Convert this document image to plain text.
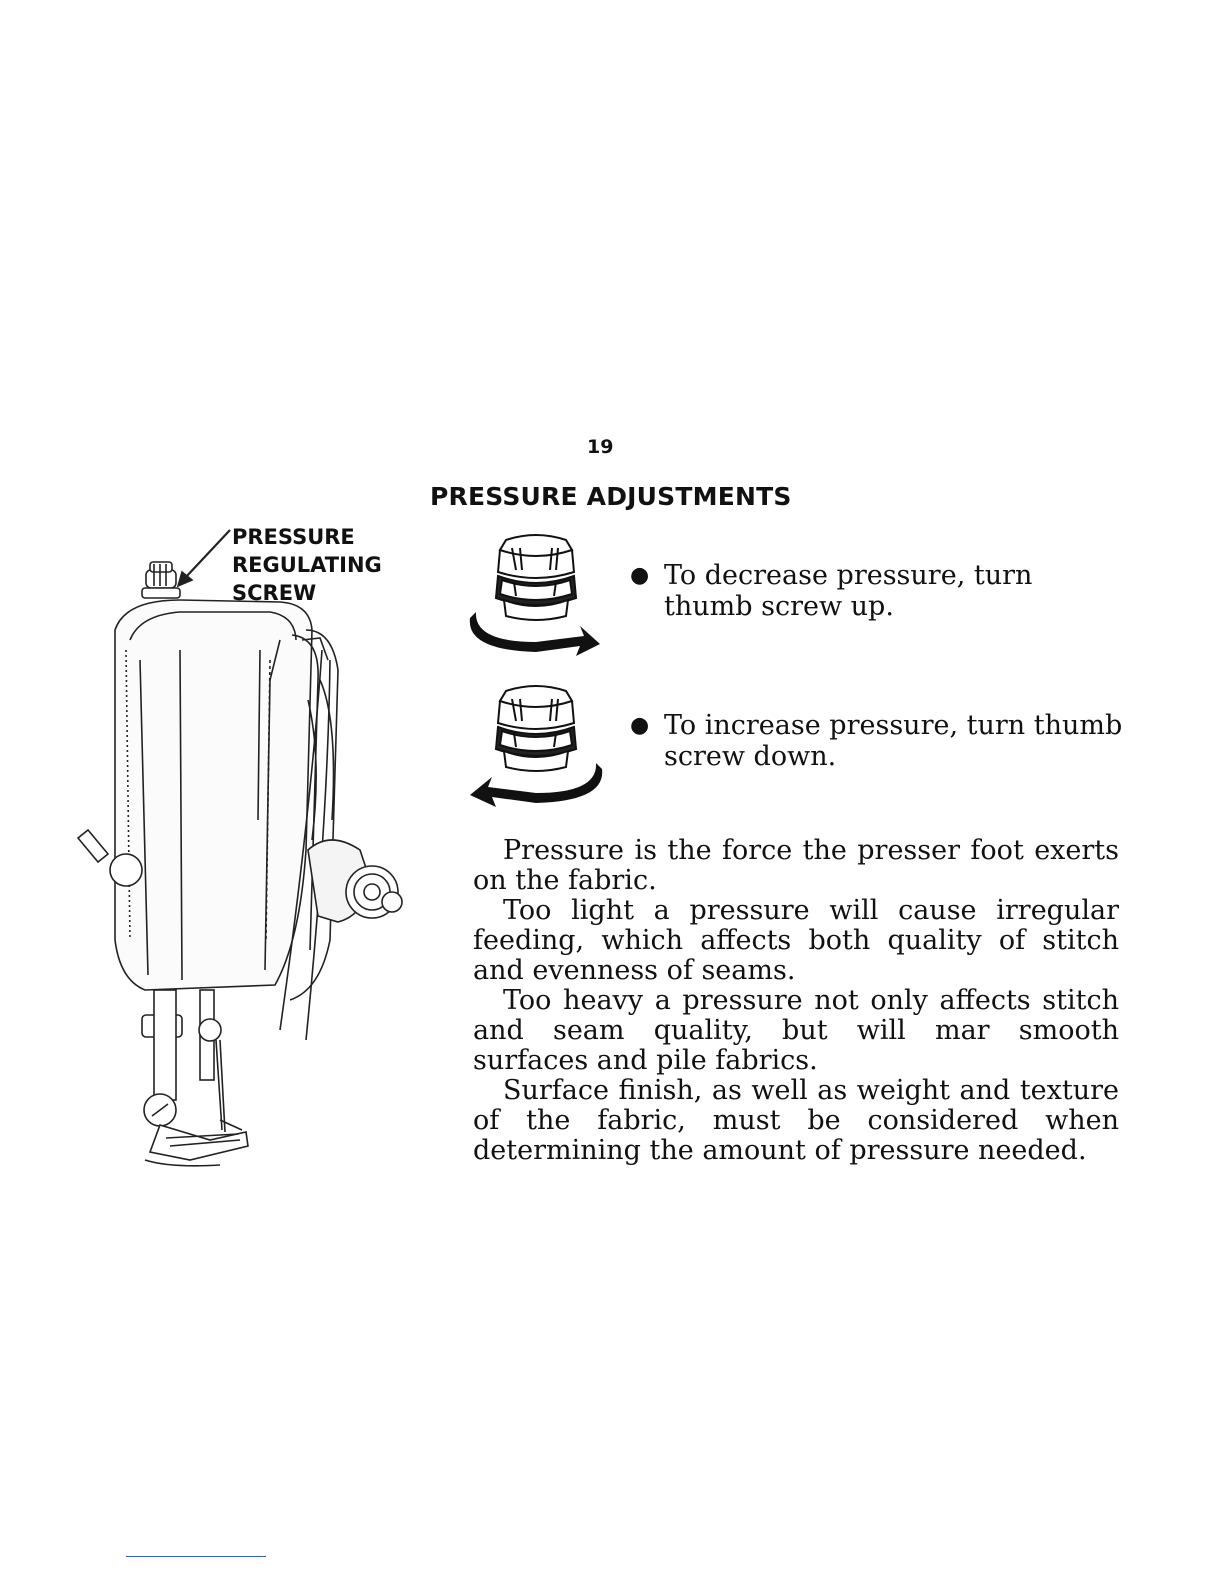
19
PRESSURE ADJUSTMENTS
PRESSURE
REGULATING
SCREW
● To decrease pressure, turn thumb screw up.
● To increase pressure, turn thumb screw down.

Pressure is the force the presser foot exerts on the fabric.

Too light a pressure will cause irregular feeding, which affects both quality of stitch and evenness of seams.

Too heavy a pressure not only affects stitch and seam quality, but will mar smooth surfaces and pile fabrics.

Surface finish, as well as weight and texture of the fabric, must be considered when determining the amount of pressure needed.
